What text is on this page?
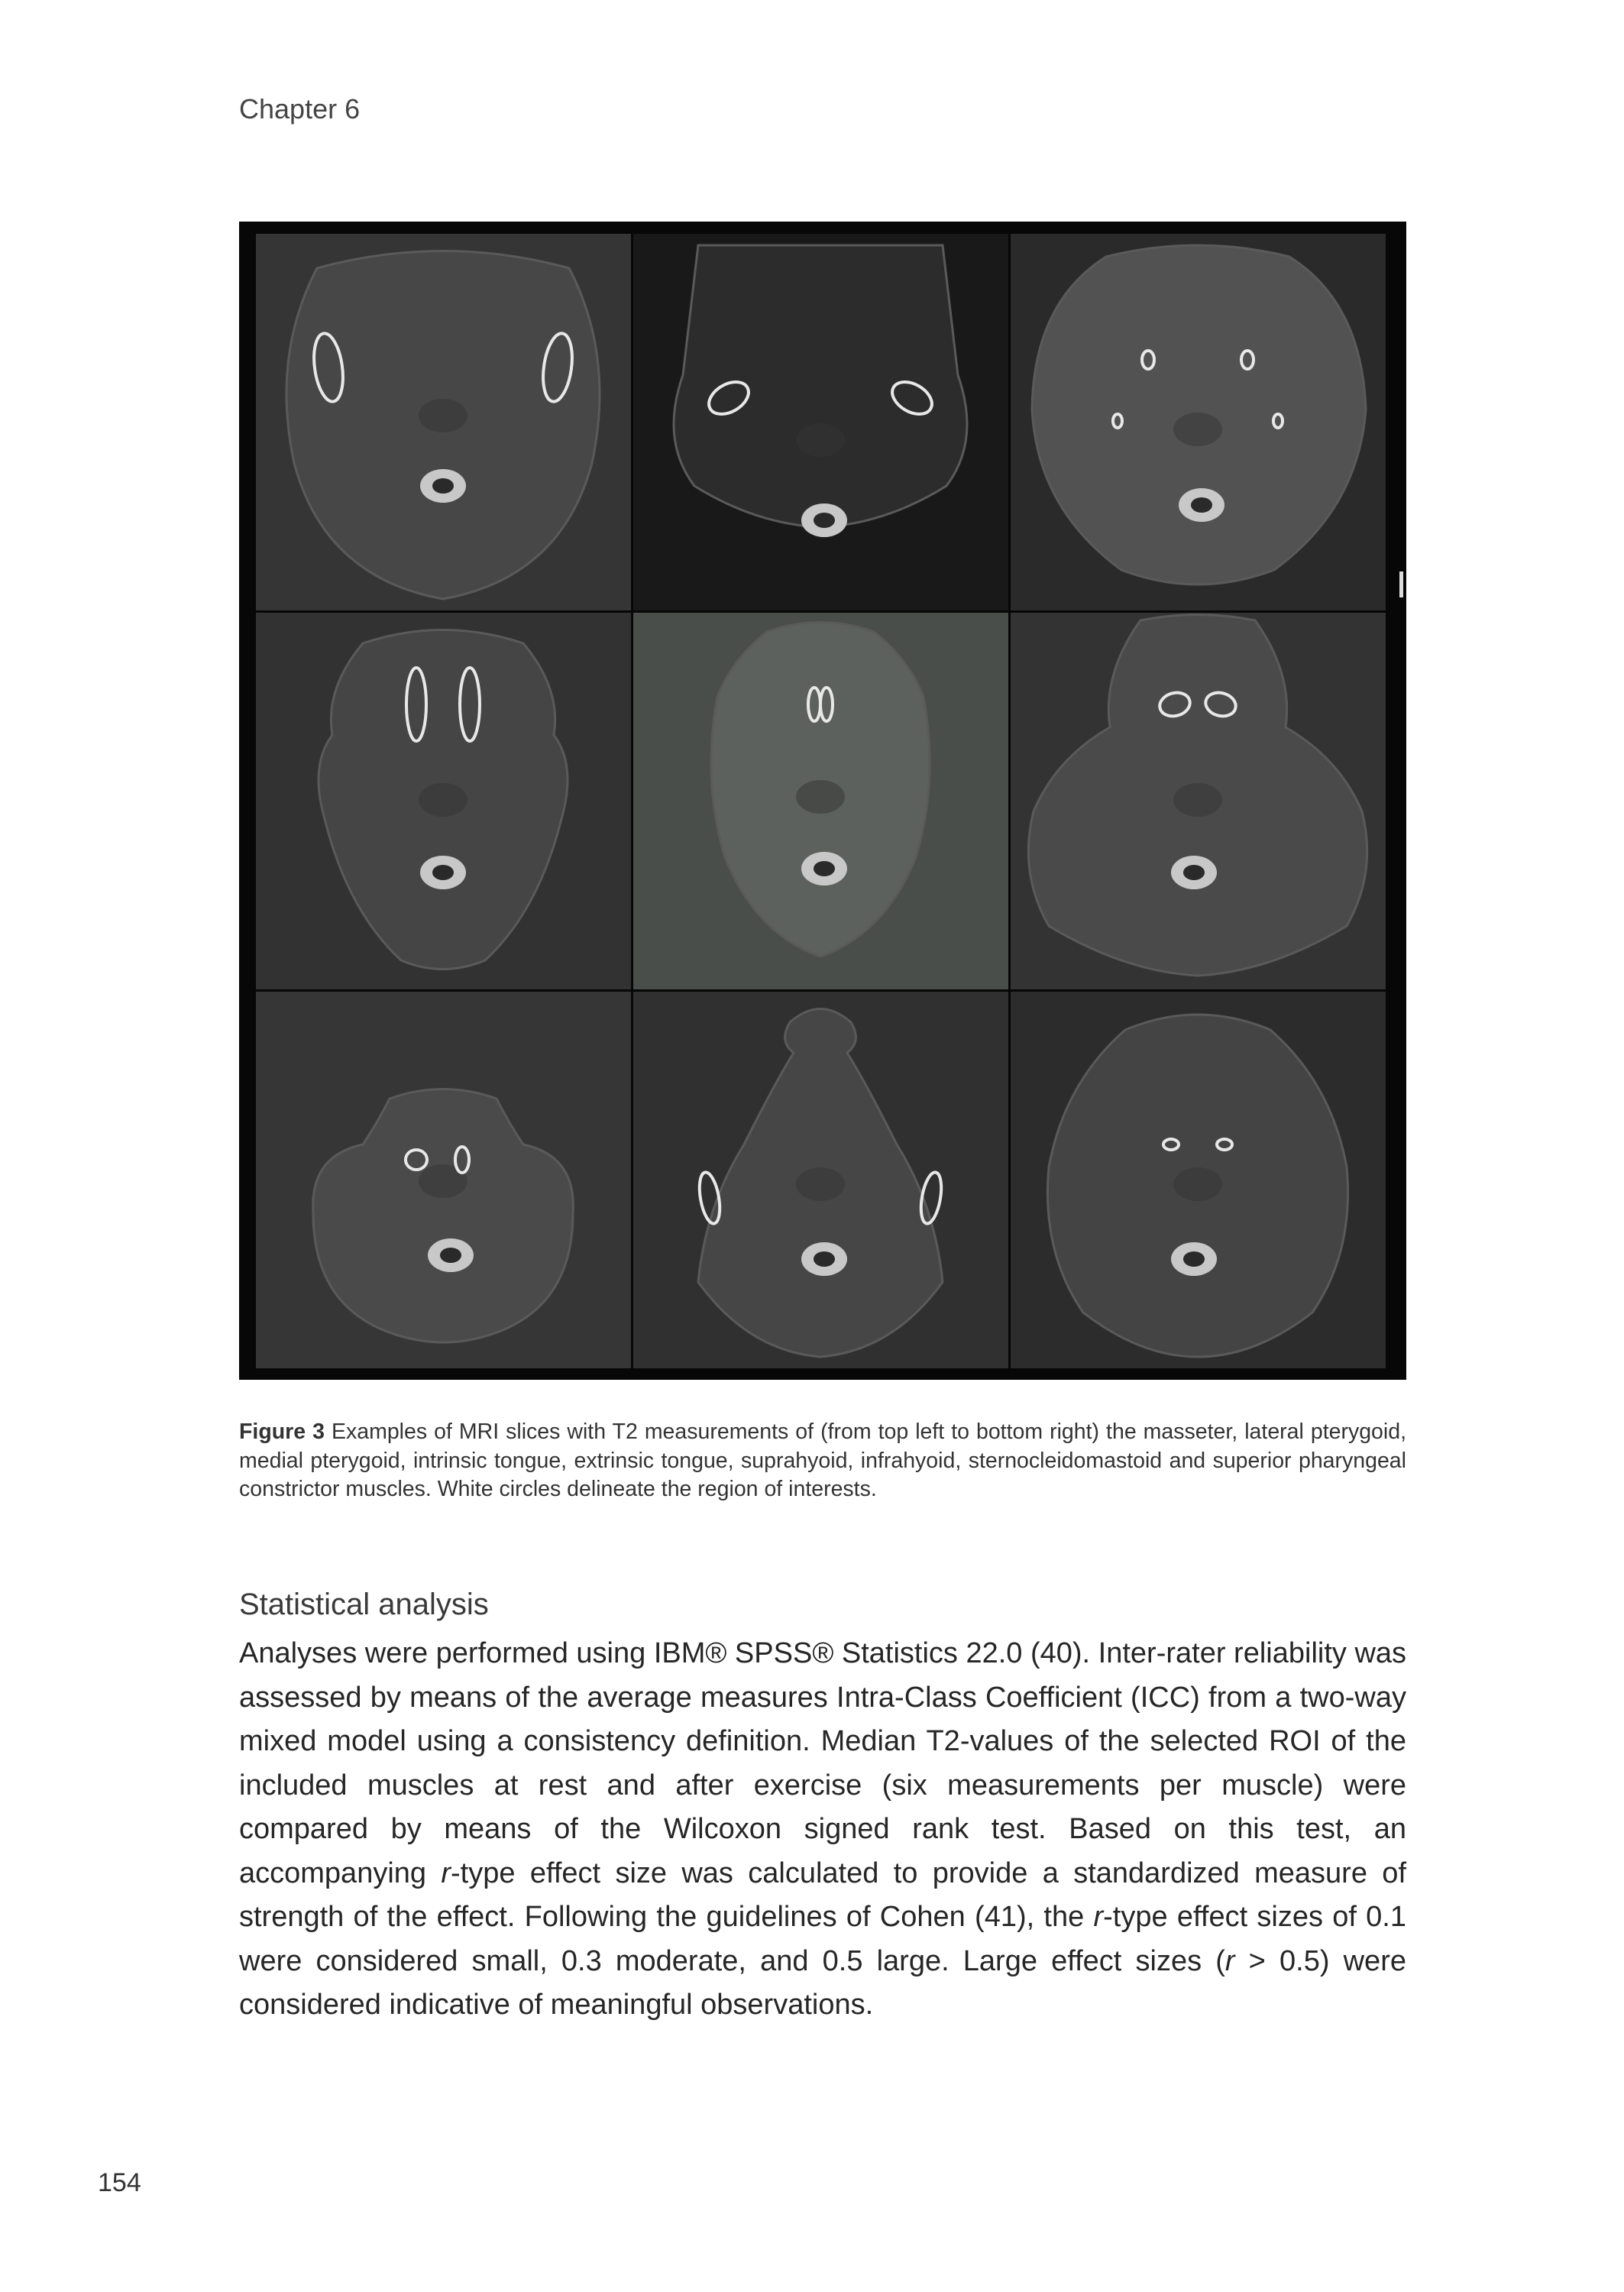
Chapter 6

Figure 3 Examples of MRI slices with T2 measurements of (from top left to bottom right) the masseter, lateral pterygoid, medial pterygoid, intrinsic tongue, extrinsic tongue, suprahyoid, infrahyoid, sternocleidomastoid and superior pharyngeal constrictor muscles. White circles delineate the region of interests.

Statistical analysis

Analyses were performed using IBM® SPSS® Statistics 22.0 (40). Inter-rater reliability was assessed by means of the average measures Intra-Class Coefficient (ICC) from a two-way mixed model using a consistency definition. Median T2-values of the selected ROI of the included muscles at rest and after exercise (six measurements per muscle) were compared by means of the Wilcoxon signed rank test. Based on this test, an accompanying r-type effect size was calculated to provide a standardized measure of strength of the effect. Following the guidelines of Cohen (41), the r-type effect sizes of 0.1 were considered small, 0.3 moderate, and 0.5 large. Large effect sizes (r > 0.5) were considered indicative of meaningful observations.

154
